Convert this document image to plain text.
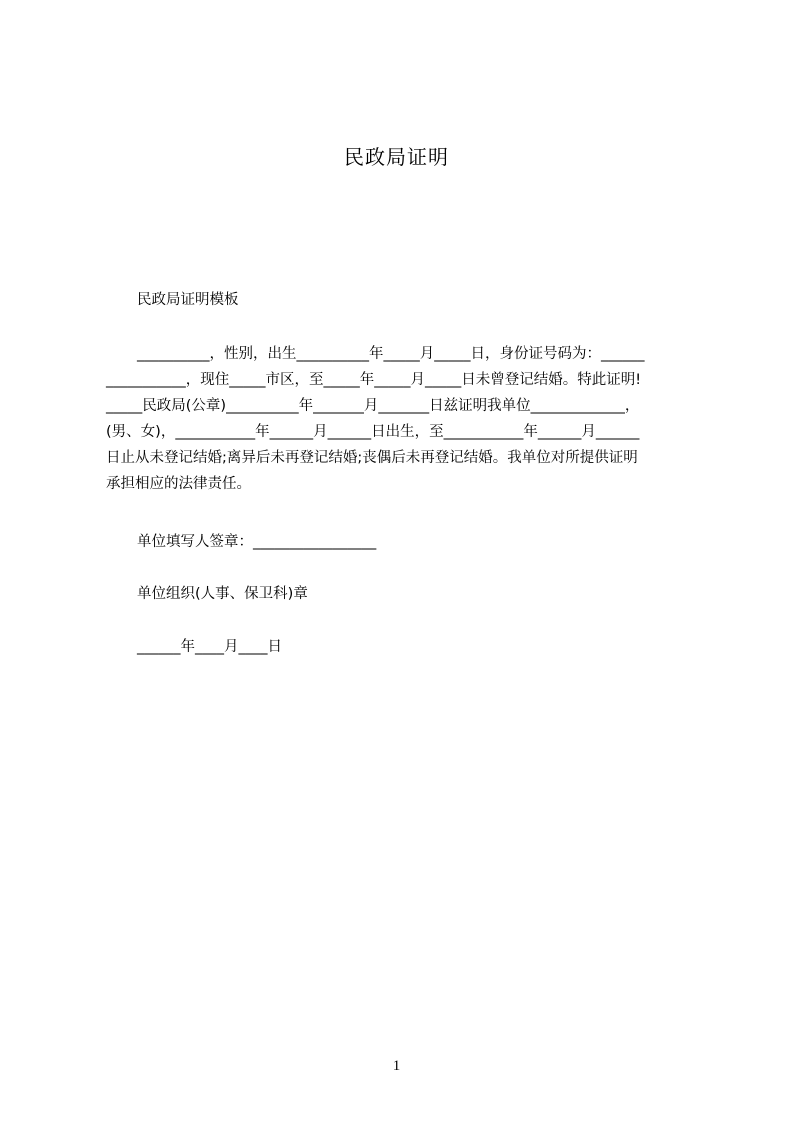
民政局证明
民政局证明模板
__________，性别，出生__________年_____月_____日，身份证号码为：______
___________，现住_____市区，至_____年_____月_____日未曾登记结婚。特此证明!
_____民政局(公章)__________年_______月_______日兹证明我单位_____________，
(男、女)，___________年______月______日出生，至___________年______月______
日止从未登记结婚;离异后未再登记结婚;丧偶后未再登记结婚。我单位对所提供证明
承担相应的法律责任。
单位填写人签章：_________________
单位组织(人事、保卫科)章
______年____月____日
1
